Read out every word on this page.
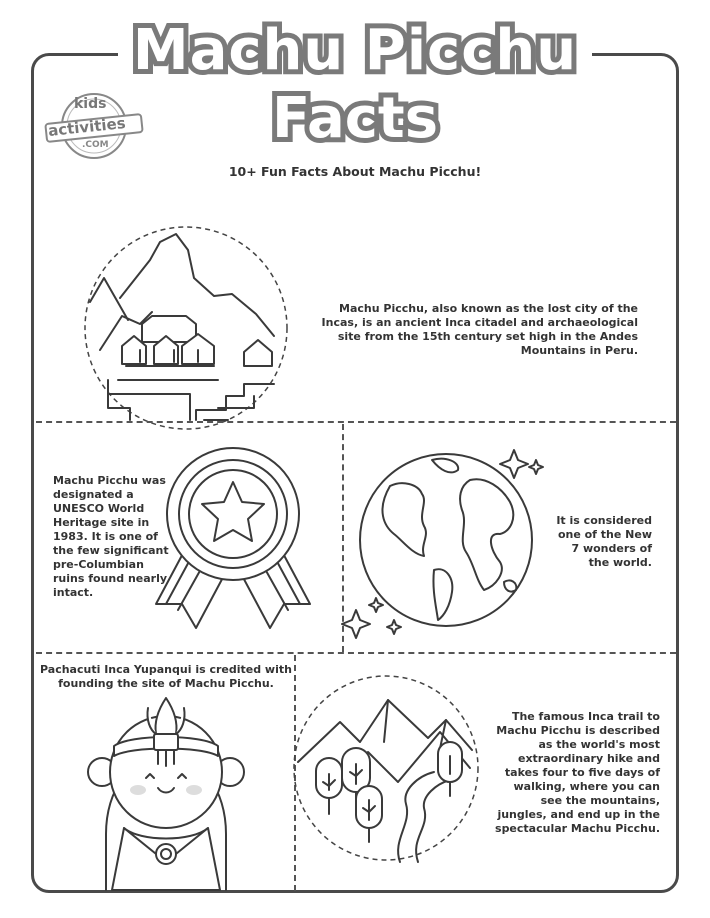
Machu Picchu
Facts
10+ Fun Facts About Machu Picchu!
kids
activities
.COM
Machu Picchu, also known as the lost city of the Incas, is an ancient Inca citadel and archaeological site from the 15th century set high in the Andes Mountains in Peru.
Machu Picchu was designated a UNESCO World Heritage site in 1983. It is one of the few significant pre-Columbian ruins found nearly intact.
It is considered one of the New 7 wonders of the world.
Pachacuti Inca Yupanqui is credited with founding the site of Machu Picchu.
The famous Inca trail to Machu Picchu is described as the world's most extraordinary hike and takes four to five days of walking, where you can see the mountains, jungles, and end up in the spectacular Machu Picchu.
